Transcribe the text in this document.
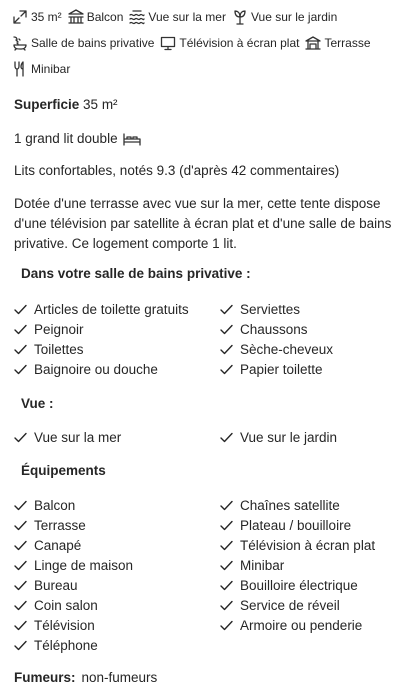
35 m² Balcon Vue sur la mer Vue sur le jardin
Salle de bains privative Télévision à écran plat Terrasse
Minibar
Superficie 35 m²
1 grand lit double
Lits confortables, notés 9.3 (d'après 42 commentaires)
Dotée d'une terrasse avec vue sur la mer, cette tente dispose d'une télévision par satellite à écran plat et d'une salle de bains privative. Ce logement comporte 1 lit.
Dans votre salle de bains privative :
Articles de toilette gratuits	Serviettes
Peignoir	Chaussons
Toilettes	Sèche-cheveux
Baignoire ou douche	Papier toilette
Vue :
Vue sur la mer	Vue sur le jardin
Équipements
Balcon	Chaînes satellite
Terrasse	Plateau / bouilloire
Canapé	Télévision à écran plat
Linge de maison	Minibar
Bureau	Bouilloire électrique
Coin salon	Service de réveil
Télévision	Armoire ou penderie
Téléphone
Fumeurs: non-fumeurs
